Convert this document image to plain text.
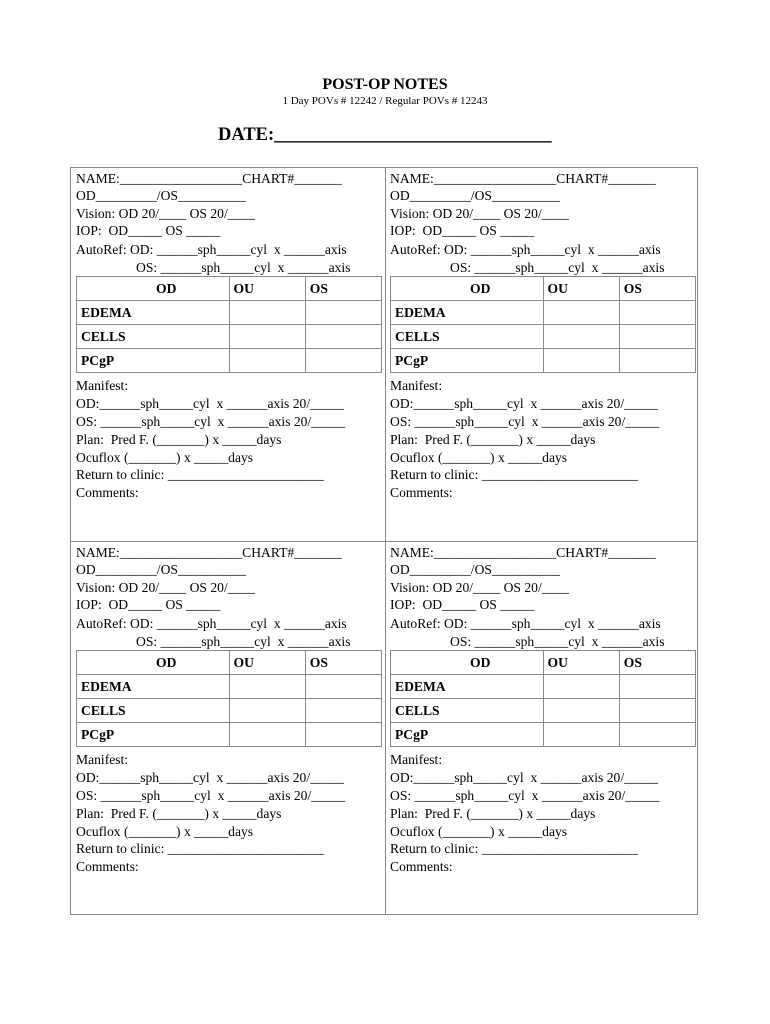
POST-OP NOTES
1 Day POVs # 12242 / Regular POVs # 12243
DATE:______________________________
NAME:__________________CHART#_______
OD_________/OS__________
Vision: OD 20/____ OS 20/____
IOP:  OD_____ OS _____
AutoRef: OD: ______sph_____cyl  x ______axis
OS: ______sph_____cyl  x ______axis
OD	OU	OS
EDEMA		
CELLS		
PCgP		
Manifest:
OD:______sph_____cyl  x ______axis 20/_____
OS: ______sph_____cyl  x ______axis 20/_____
Plan:  Pred F. (_______) x _____days
Ocuflox (_______) x _____days
Return to clinic: _______________________
Comments:
NAME:__________________CHART#_______
OD_________/OS__________
Vision: OD 20/____ OS 20/____
IOP:  OD_____ OS _____
AutoRef: OD: ______sph_____cyl  x ______axis
OS: ______sph_____cyl  x ______axis
OD	OU	OS
EDEMA		
CELLS		
PCgP		
Manifest:
OD:______sph_____cyl  x ______axis 20/_____
OS: ______sph_____cyl  x ______axis 20/_____
Plan:  Pred F. (_______) x _____days
Ocuflox (_______) x _____days
Return to clinic: _______________________
Comments:
NAME:__________________CHART#_______
OD_________/OS__________
Vision: OD 20/____ OS 20/____
IOP:  OD_____ OS _____
AutoRef: OD: ______sph_____cyl  x ______axis
OS: ______sph_____cyl  x ______axis
OD	OU	OS
EDEMA		
CELLS		
PCgP		
Manifest:
OD:______sph_____cyl  x ______axis 20/_____
OS: ______sph_____cyl  x ______axis 20/_____
Plan:  Pred F. (_______) x _____days
Ocuflox (_______) x _____days
Return to clinic: _______________________
Comments:
NAME:__________________CHART#_______
OD_________/OS__________
Vision: OD 20/____ OS 20/____
IOP:  OD_____ OS _____
AutoRef: OD: ______sph_____cyl  x ______axis
OS: ______sph_____cyl  x ______axis
OD	OU	OS
EDEMA		
CELLS		
PCgP		
Manifest:
OD:______sph_____cyl  x ______axis 20/_____
OS: ______sph_____cyl  x ______axis 20/_____
Plan:  Pred F. (_______) x _____days
Ocuflox (_______) x _____days
Return to clinic: _______________________
Comments:
